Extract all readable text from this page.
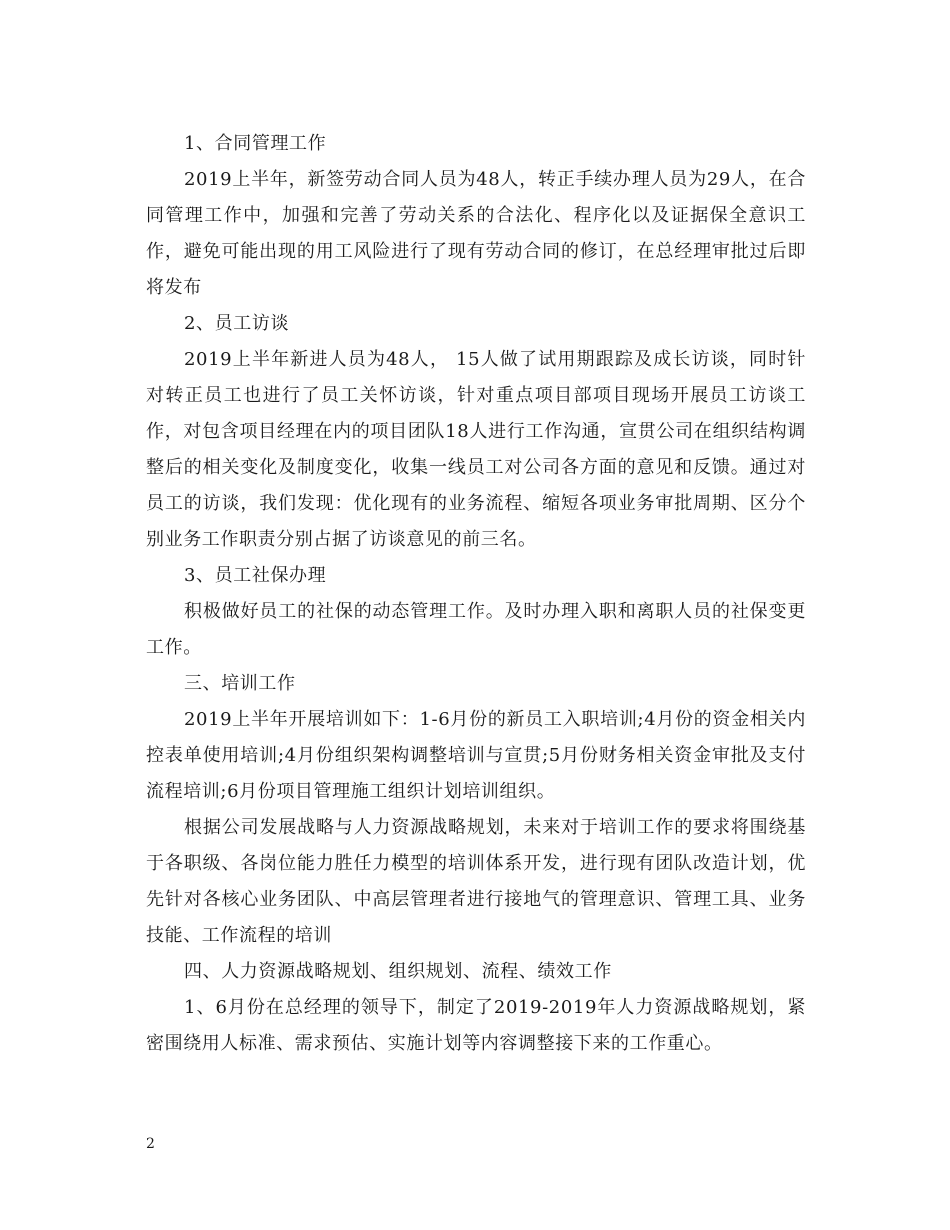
1、合同管理工作

2019上半年，新签劳动合同人员为48人，转正手续办理人员为29人，在合同管理工作中，加强和完善了劳动关系的合法化、程序化以及证据保全意识工作，避免可能出现的用工风险进行了现有劳动合同的修订，在总经理审批过后即将发布

2、员工访谈

2019上半年新进人员为48人， 15人做了试用期跟踪及成长访谈，同时针对转正员工也进行了员工关怀访谈，针对重点项目部项目现场开展员工访谈工作，对包含项目经理在内的项目团队18人进行工作沟通，宣贯公司在组织结构调整后的相关变化及制度变化，收集一线员工对公司各方面的意见和反馈。通过对员工的访谈，我们发现：优化现有的业务流程、缩短各项业务审批周期、区分个别业务工作职责分别占据了访谈意见的前三名。

3、员工社保办理

积极做好员工的社保的动态管理工作。及时办理入职和离职人员的社保变更工作。

三、培训工作

2019上半年开展培训如下：1-6月份的新员工入职培训;4月份的资金相关内控表单使用培训;4月份组织架构调整培训与宣贯;5月份财务相关资金审批及支付流程培训;6月份项目管理施工组织计划培训组织。

根据公司发展战略与人力资源战略规划，未来对于培训工作的要求将围绕基于各职级、各岗位能力胜任力模型的培训体系开发，进行现有团队改造计划，优先针对各核心业务团队、中高层管理者进行接地气的管理意识、管理工具、业务技能、工作流程的培训

四、人力资源战略规划、组织规划、流程、绩效工作

1、6月份在总经理的领导下，制定了2019-2019年人力资源战略规划，紧密围绕用人标准、需求预估、实施计划等内容调整接下来的工作重心。

2
